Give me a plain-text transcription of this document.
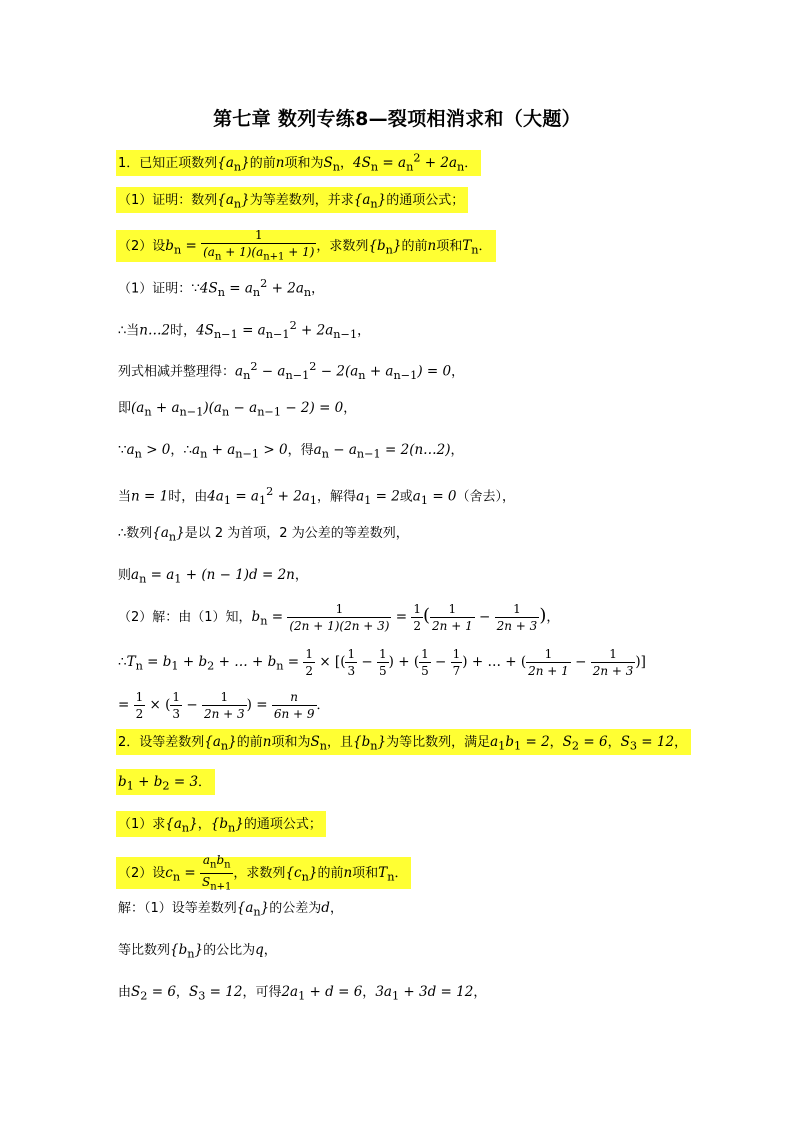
第七章 数列专练8—裂项相消求和（大题）
1．已知正项数列$\{a_n\}$的前n项和为$S_n$，$4S_n = a_n^2 + 2a_n$．
（1）证明：数列$\{a_n\}$为等差数列，并求$\{a_n\}$的通项公式；
（2）设$b_n = \frac{1}{(a_n + 1)(a_{n+1} + 1)}$ ，求数列$\{b_n\}$的前n项和$T_n$．
（1）证明：$\because 4S_n = a_n^2 + 2a_n$，
∴当n…2时，$4S_{n-1} = a_{n-1}^2 + 2a_{n-1}$，
列式相减并整理得：$a_n^2 - a_{n-1}^2 - 2(a_n + a_{n-1}) = 0$，
即$(a_n + a_{n-1})(a_n - a_{n-1} - 2) = 0$，
$\because a_n > 0$，$\therefore a_n + a_{n-1} > 0$，得$a_n - a_{n-1}$ = 2(n…2)，
当n = 1时，由$4a_1 = a_1^2 + 2a_1$，解得$a_1 = 2$或$a_1 = 0$（舍去），
∴数列$\{a_n\}$是以 2 为首项，2 为公差的等差数列，
则$a_n = a_1 + (n - 1)d = 2n$，
（2）解：由（1）知，$b_n = \frac{1}{(2n + 1)(2n + 3)} = \frac{1}{2}$ ( $\frac{1}{2n + 1} - \frac{1}{2n + 3}$ )，
$\therefore T_n = b_1 + b_2$ + … + $b_n = \frac{1}{2}$ × [( $\frac{1}{3} - \frac{1}{5}$ ) + ( $\frac{1}{5} - \frac{1}{7}$ ) + … + ( $\frac{1}{2n + 1} - \frac{1}{2n + 3}$ )]
= $\frac{1}{2}$ × ( $\frac{1}{3} - \frac{1}{2n + 3}$ ) = $\frac{n}{6n + 9}$ ．
2．设等差数列$\{a_n\}$的前n项和为$S_n$，且$\{b_n\}$为等比数列，满足$a_1b_1 = 2$，$S_2 = 6$，$S_3 = 12$，
$b_1 + b_2 = 3$．
（1）求$\{a_n\}$，$\{b_n\}$的通项公式；
（2）设$c_n = \frac{a_nb_n}{S_{n+1}}$ ，求数列$\{c_n\}$的前n项和$T_n$．
解：（1）设等差数列$\{a_n\}$的公差为d，
等比数列$\{b_n\}$的公比为q，
由$S_2 = 6$，$S_3 = 12$，可得$2a_1 + d = 6$，$3a_1 + 3d = 12$，
